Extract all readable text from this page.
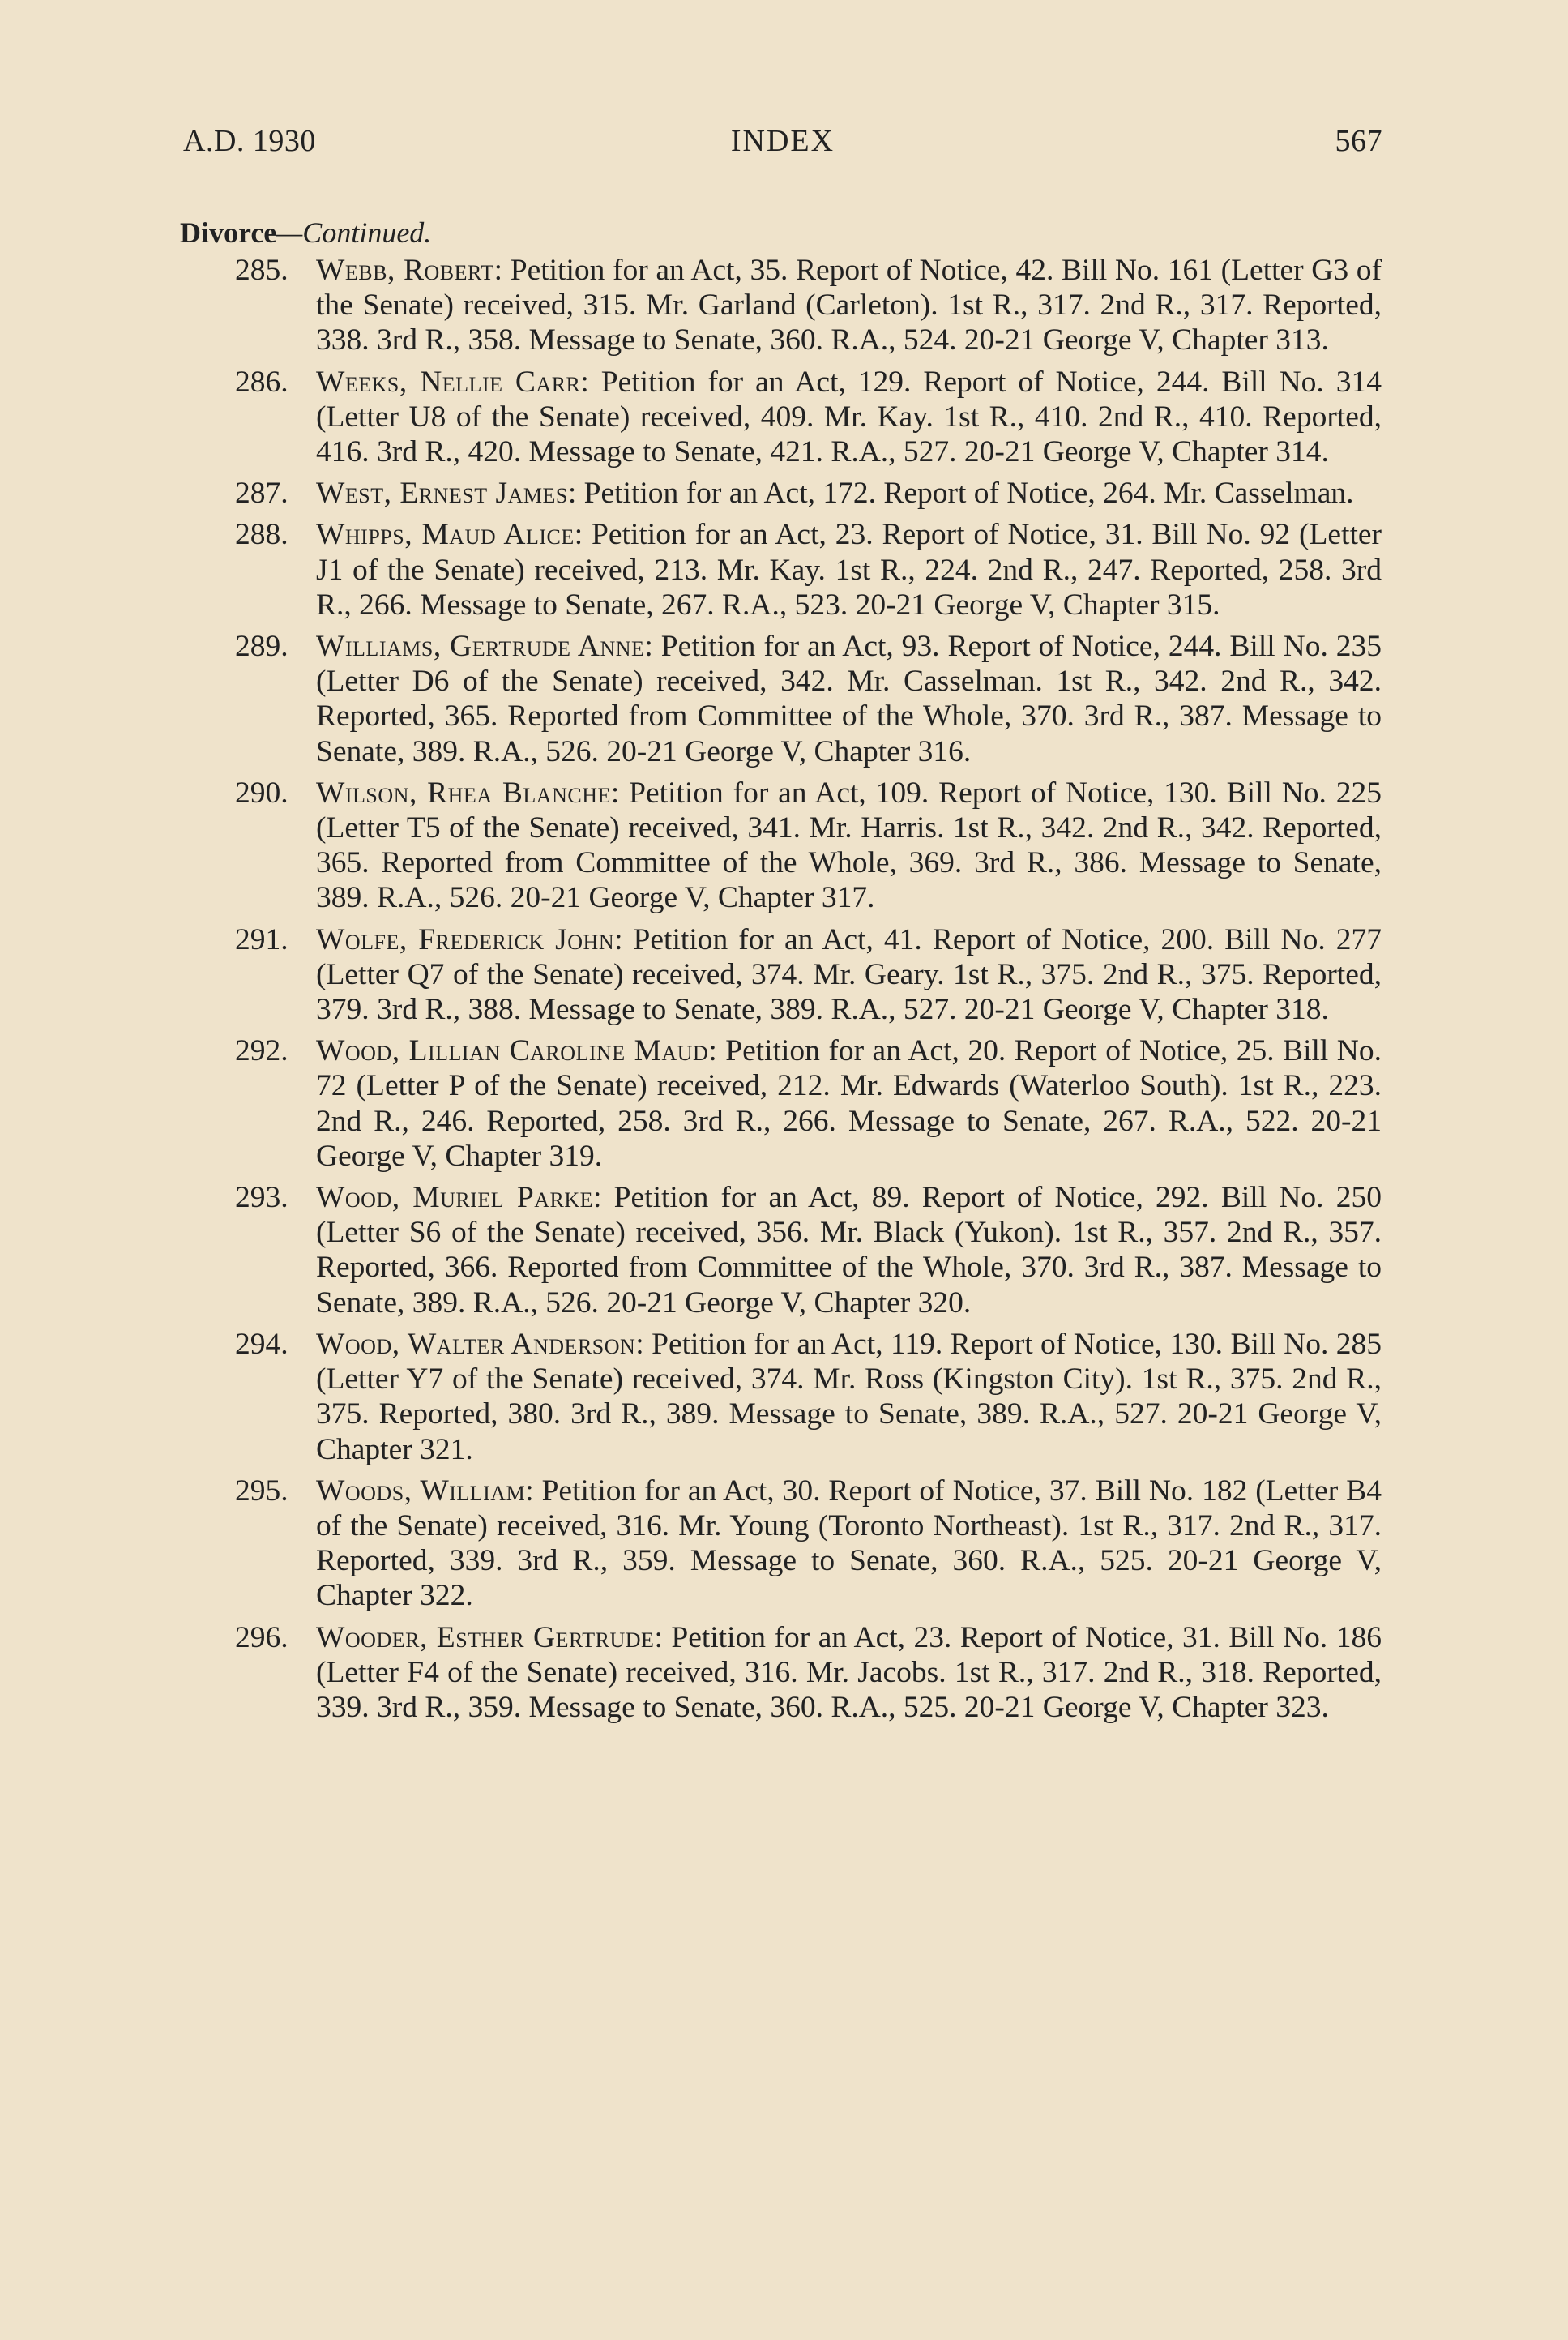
A.D. 1930	INDEX	567
Divorce—Continued.
285. Webb, Robert: Petition for an Act, 35. Report of Notice, 42. Bill No. 161 (Letter G3 of the Senate) received, 315. Mr. Garland (Carleton). 1st R., 317. 2nd R., 317. Reported, 338. 3rd R., 358. Message to Senate, 360. R.A., 524. 20-21 George V, Chapter 313.
286. Weeks, Nellie Carr: Petition for an Act, 129. Report of Notice, 244. Bill No. 314 (Letter U8 of the Senate) received, 409. Mr. Kay. 1st R., 410. 2nd R., 410. Reported, 416. 3rd R., 420. Message to Senate, 421. R.A., 527. 20-21 George V, Chapter 314.
287. West, Ernest James: Petition for an Act, 172. Report of Notice, 264. Mr. Casselman.
288. Whipps, Maud Alice: Petition for an Act, 23. Report of Notice, 31. Bill No. 92 (Letter J1 of the Senate) received, 213. Mr. Kay. 1st R., 224. 2nd R., 247. Reported, 258. 3rd R., 266. Message to Senate, 267. R.A., 523. 20-21 George V, Chapter 315.
289. Williams, Gertrude Anne: Petition for an Act, 93. Report of Notice, 244. Bill No. 235 (Letter D6 of the Senate) received, 342. Mr. Casselman. 1st R., 342. 2nd R., 342. Reported, 365. Reported from Committee of the Whole, 370. 3rd R., 387. Message to Senate, 389. R.A., 526. 20-21 George V, Chapter 316.
290. Wilson, Rhea Blanche: Petition for an Act, 109. Report of Notice, 130. Bill No. 225 (Letter T5 of the Senate) received, 341. Mr. Harris. 1st R., 342. 2nd R., 342. Reported, 365. Reported from Committee of the Whole, 369. 3rd R., 386. Message to Senate, 389. R.A., 526. 20-21 George V, Chapter 317.
291. Wolfe, Frederick John: Petition for an Act, 41. Report of Notice, 200. Bill No. 277 (Letter Q7 of the Senate) received, 374. Mr. Geary. 1st R., 375. 2nd R., 375. Reported, 379. 3rd R., 388. Message to Senate, 389. R.A., 527. 20-21 George V, Chapter 318.
292. Wood, Lillian Caroline Maud: Petition for an Act, 20. Report of Notice, 25. Bill No. 72 (Letter P of the Senate) received, 212. Mr. Edwards (Waterloo South). 1st R., 223. 2nd R., 246. Reported, 258. 3rd R., 266. Message to Senate, 267. R.A., 522. 20-21 George V, Chapter 319.
293. Wood, Muriel Parke: Petition for an Act, 89. Report of Notice, 292. Bill No. 250 (Letter S6 of the Senate) received, 356. Mr. Black (Yukon). 1st R., 357. 2nd R., 357. Reported, 366. Reported from Committee of the Whole, 370. 3rd R., 387. Message to Senate, 389. R.A., 526. 20-21 George V, Chapter 320.
294. Wood, Walter Anderson: Petition for an Act, 119. Report of Notice, 130. Bill No. 285 (Letter Y7 of the Senate) received, 374. Mr. Ross (Kingston City). 1st R., 375. 2nd R., 375. Reported, 380. 3rd R., 389. Message to Senate, 389. R.A., 527. 20-21 George V, Chapter 321.
295. Woods, William: Petition for an Act, 30. Report of Notice, 37. Bill No. 182 (Letter B4 of the Senate) received, 316. Mr. Young (Toronto Northeast). 1st R., 317. 2nd R., 317. Reported, 339. 3rd R., 359. Message to Senate, 360. R.A., 525. 20-21 George V, Chapter 322.
296. Wooder, Esther Gertrude: Petition for an Act, 23. Report of Notice, 31. Bill No. 186 (Letter F4 of the Senate) received, 316. Mr. Jacobs. 1st R., 317. 2nd R., 318. Reported, 339. 3rd R., 359. Message to Senate, 360. R.A., 525. 20-21 George V, Chapter 323.
